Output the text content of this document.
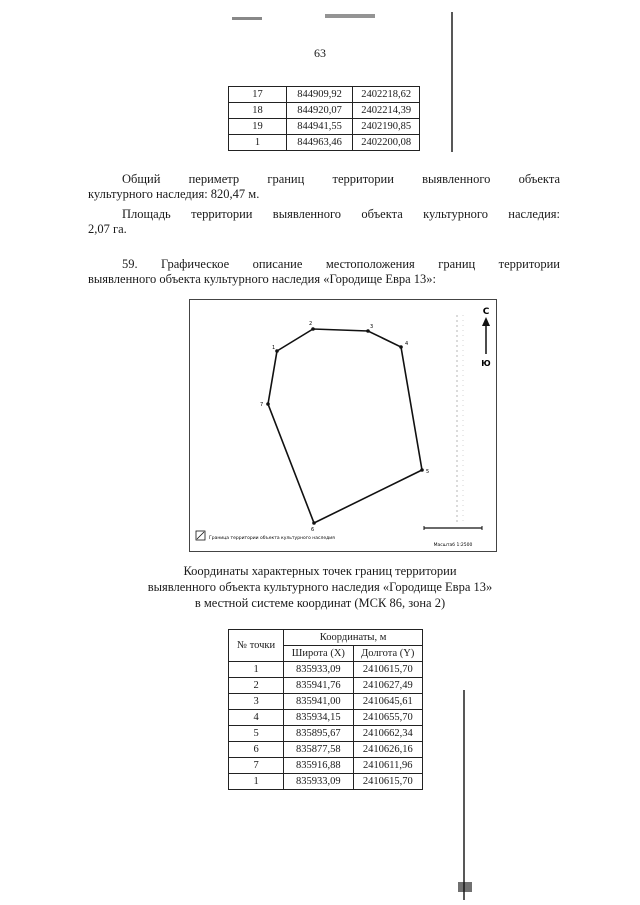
63
17	844909,92	2402218,62
18	844920,07	2402214,39
19	844941,55	2402190,85
1	844963,46	2402200,08
Общий периметр границ территории выявленного объекта
культурного наследия: 820,47 м.
Площадь территории выявленного объекта культурного наследия:
2,07 га.
59. Графическое описание местоположения границ территории
выявленного объекта культурного наследия «Городище Евра 13»:
1
2	3
4
5
6
7
С
Ю
Граница территории объекта культурного наследия
Масштаб 1:2500
Координаты характерных точек границ территории
выявленного объекта культурного наследия «Городище Евра 13»
в местной системе координат (МСК 86, зона 2)
№ точки	Координаты, м	
	Широта (X)	Долгота (Y)
1	835933,09	2410615,70
2	835941,76	2410627,49
3	835941,00	2410645,61
4	835934,15	2410655,70
5	835895,67	2410662,34
6	835877,58	2410626,16
7	835916,88	2410611,96
1	835933,09	2410615,70
